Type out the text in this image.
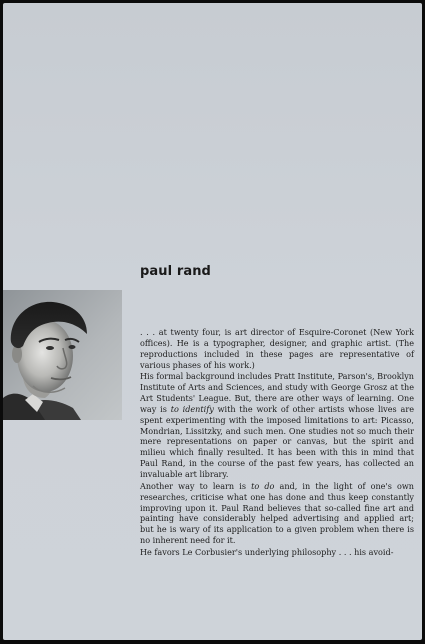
paul rand

. . . at twenty four, is art director of Esquire-Coronet (New York offices). He is a typographer, designer, and graphic artist. (The reproductions included in these pages are representative of various phases of his work.)

His formal background includes Pratt Institute, Parson's, Brooklyn Institute of Arts and Sciences, and study with George Grosz at the Art Students' League. But, there are other ways of learning. One way is to identify with the work of other artists whose lives are spent experimenting with the imposed limitations to art: Picasso, Mondrian, Lissitzky, and such men. One studies not so much their mere representations on paper or canvas, but the spirit and milieu which finally resulted. It has been with this in mind that Paul Rand, in the course of the past few years, has collected an invaluable art library.

Another way to learn is to do and, in the light of one's own researches, criticise what one has done and thus keep constantly improving upon it. Paul Rand believes that so-called fine art and painting have considerably helped advertising and applied art; but he is wary of its application to a given problem when there is no inherent need for it.

He favors Le Corbusier's underlying philosophy . . . his avoid-
